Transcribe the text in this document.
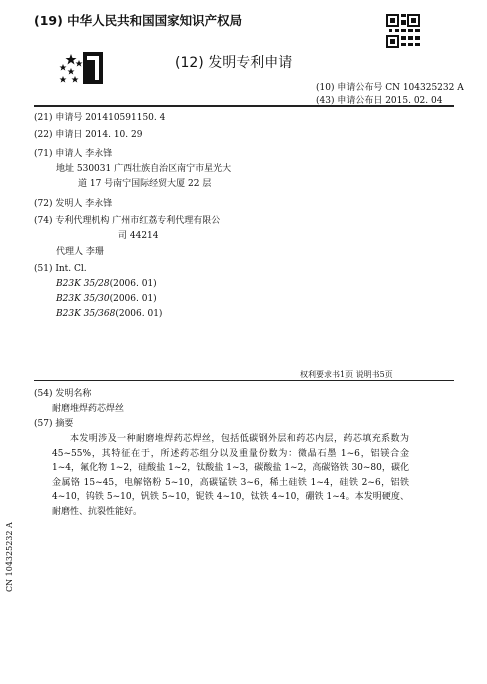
(19) 中华人民共和国国家知识产权局
(12) 发明专利申请
(10) 申请公布号 CN 104325232 A
(43) 申请公布日 2015. 02. 04
(21) 申请号 201410591150. 4
(22) 申请日 2014. 10. 29
(71) 申请人 李永锋
地址 530031 广西壮族自治区南宁市星光大
道 17 号南宁国际经贸大厦 22 层
(72) 发明人 李永锋
(74) 专利代理机构 广州市红荔专利代理有限公
司 44214
代理人 李珊
(51) Int. Cl.
B23K 35/28(2006. 01)
B23K 35/30(2006. 01)
B23K 35/368(2006. 01)
权利要求书1页 说明书5页
(54) 发明名称
耐磨堆焊药芯焊丝
(57) 摘要
本发明涉及一种耐磨堆焊药芯焊丝，包括低碳钢外层和药芯内层，药芯填充系数为 45~55%，其特征在于，所述药芯组分以及重量份数为：微晶石墨 1~6，铝镁合金 1~4，氟化物 1~2，硅酸盐 1~2，钛酸盐 1~3，碳酸盐 1~2，高碳铬铁 30~80，碳化金属铬 15~45，电解铬粉 5~10，高碳锰铁 3~6，稀土硅铁 1~4，硅铁 2~6，铝铁 4~10，钨铁 5~10，钒铁 5~10，铌铁 4~10，钛铁 4~10，硼铁 1~4。本发明硬度、耐磨性、抗裂性能好。
CN 104325232 A
